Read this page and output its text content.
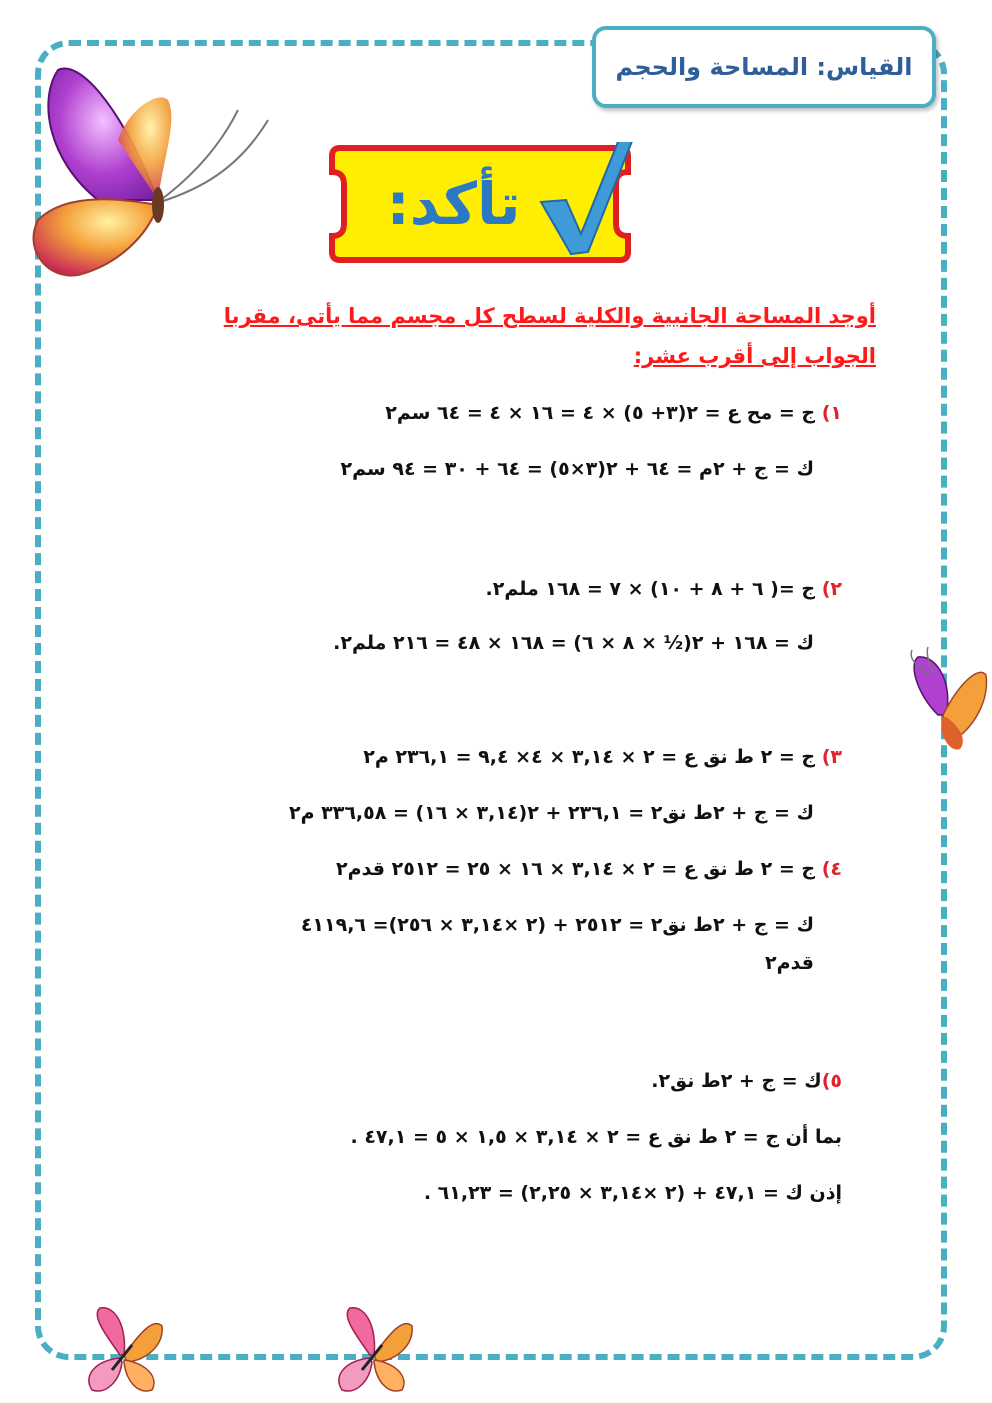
القياس: المساحة والحجم
تأكد:
أوجد المساحة الجانبية والكلية لسطح كل مجسم مما يأتى، مقربا الجواب إلى أقرب عشر:
١) ج = مح ع = ٢(٣+ ٥) × ٤ = ١٦ × ٤ = ٦٤ سم٢
ك = ج + ٢م = ٦٤ + ٢(٣×٥) = ٦٤ + ٣٠ = ٩٤ سم٢
٢) ج =( ٦ + ٨ + ١٠) × ٧ = ١٦٨ ملم٢.
ك = ١٦٨ + ٢(½ × ٨ × ٦) = ١٦٨ × ٤٨ = ٢١٦ ملم٢.
٣) ج = ٢ ط نق ع = ٢ × ٣,١٤ × ٤× ٩,٤ = ٢٣٦,١ م٢
ك = ج + ٢ط نق٢ = ٢٣٦,١ + ٢(٣,١٤ × ١٦) = ٣٣٦,٥٨ م٢
٤) ج = ٢ ط نق ع = ٢ × ٣,١٤ × ١٦ × ٢٥ = ٢٥١٢ قدم٢
ك = ج + ٢ط نق٢ = ٢٥١٢ + (٢ ×٣,١٤ × ٢٥٦)= ٤١١٩,٦
قدم٢
٥)ك = ج + ٢ط نق٢.
بما أن ج = ٢ ط نق ع = ٢ × ٣,١٤ × ١,٥ × ٥ = ٤٧,١ .
إذن ك = ٤٧,١ + (٢ ×٣,١٤ × ٢,٢٥) = ٦١,٢٣ .
